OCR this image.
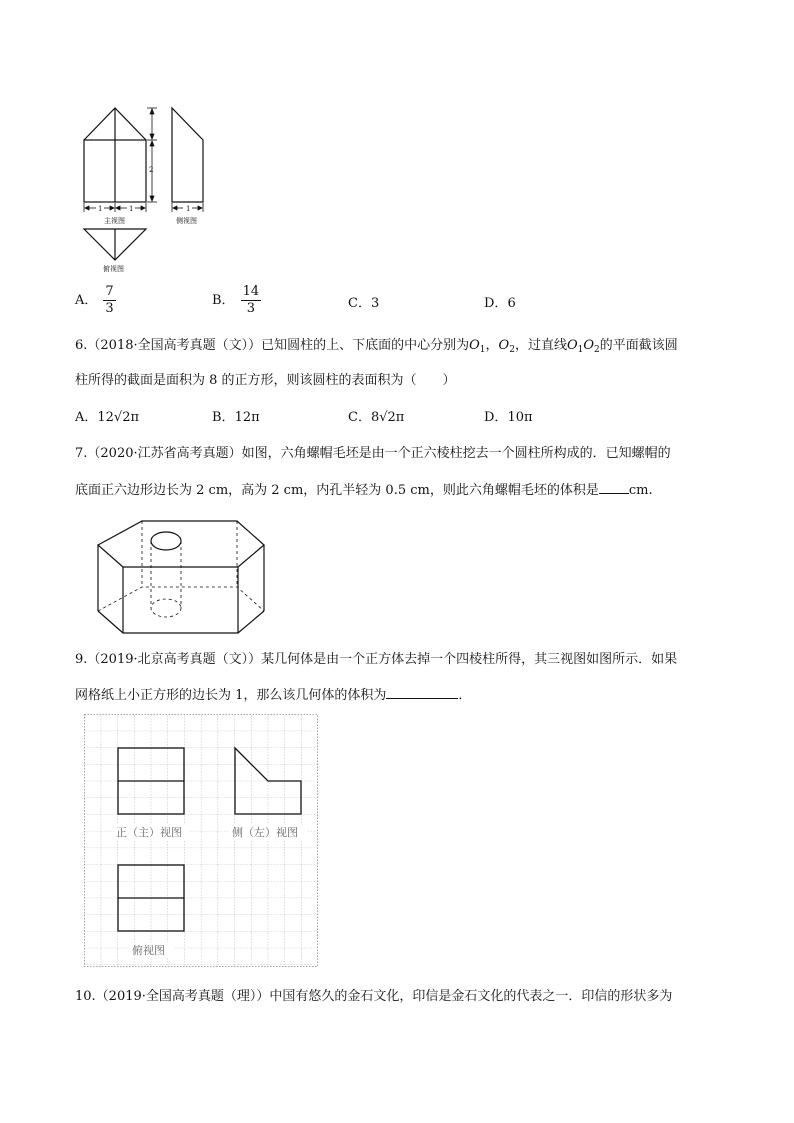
2
1	1
主视图
1
侧视图
俯视图
A． $\frac{7}{3}$	B． $\frac{14}{3}$	C．3	D．6
6.（2018·全国高考真题（文））已知圆柱的上、下底面的中心分别为$O_1$，$O_2$，过直线$O_1O_2$的平面截该圆
柱所得的截面是面积为 8 的正方形，则该圆柱的表面积为（　　）
A．12√2π	B．12π	C．8√2π	D．10π
7.（2020·江苏省高考真题）如图，六角螺帽毛坯是由一个正六棱柱挖去一个圆柱所构成的．已知螺帽的
底面正六边形边长为 2 cm，高为 2 cm，内孔半轻为 0.5 cm，则此六角螺帽毛坯的体积是 cm.
9.（2019·北京高考真题（文））某几何体是由一个正方体去掉一个四棱柱所得，其三视图如图所示．如果
网格纸上小正方形的边长为 1，那么该几何体的体积为	．
正（主）视图	侧（左）视图
俯视图
10.（2019·全国高考真题（理））中国有悠久的金石文化，印信是金石文化的代表之一．印信的形状多为
